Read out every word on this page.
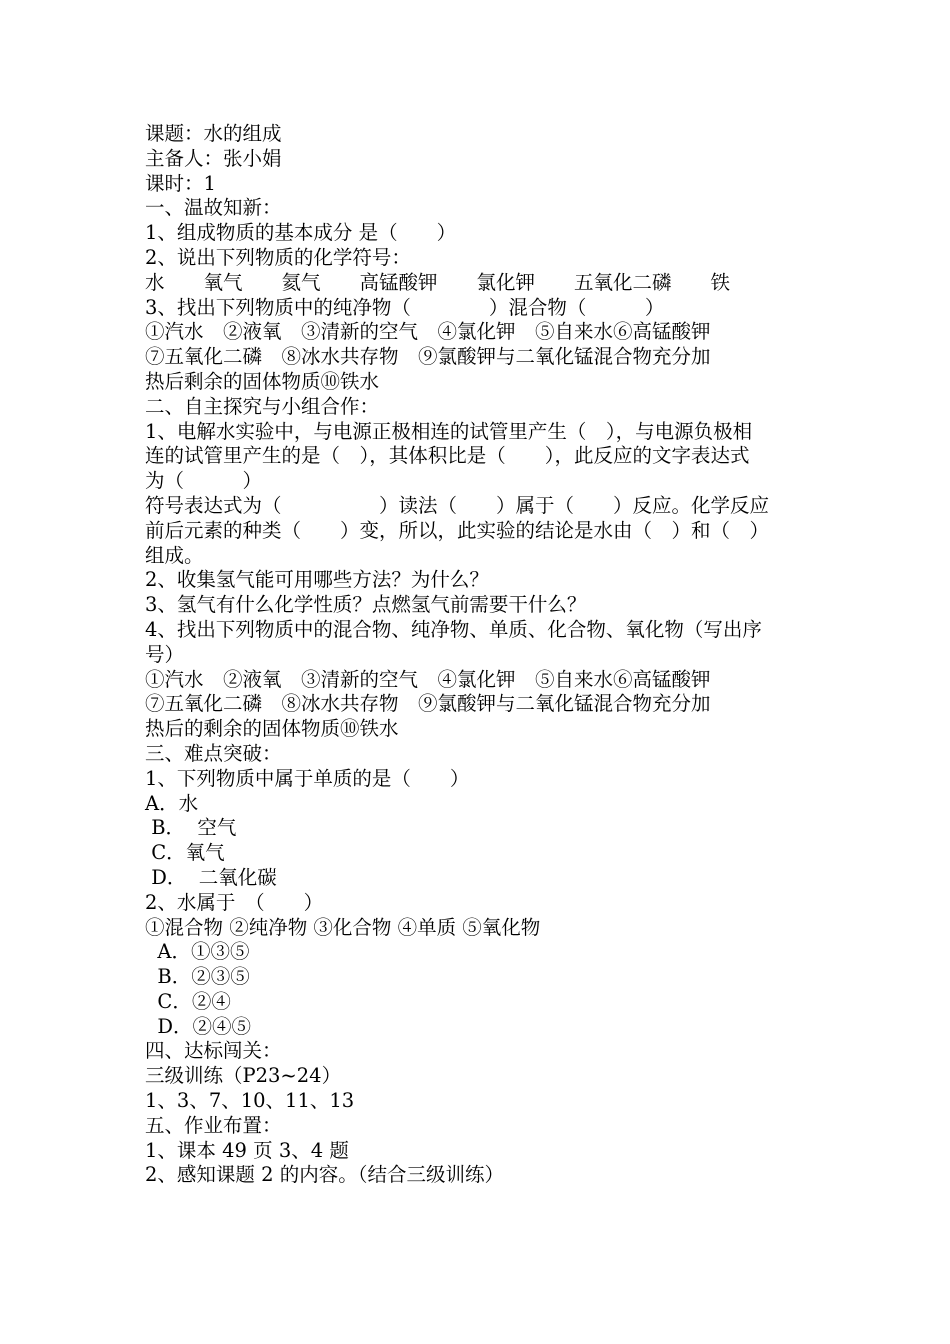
课题：水的组成
主备人：张小娟
课时：1
一、温故知新：
1、组成物质的基本成分 是（　　）
2、说出下列物质的化学符号：
水　　氧气　　氦气　　高锰酸钾　　氯化钾　　五氧化二磷　　铁
3、找出下列物质中的纯净物（　　　　）混合物（　　　）
①汽水　②液氧　③清新的空气　④氯化钾　⑤自来水⑥高锰酸钾
⑦五氧化二磷　⑧冰水共存物　⑨氯酸钾与二氧化锰混合物充分加
热后剩余的固体物质⑩铁水
二、自主探究与小组合作：
1、电解水实验中，与电源正极相连的试管里产生（　），与电源负极相
连的试管里产生的是（　），其体积比是（　　），此反应的文字表达式
为（　　　）
符号表达式为（　　　　　）读法（　　）属于（　　）反应。化学反应
前后元素的种类（　　）变，所以，此实验的结论是水由（　）和（　）
组成。
2、收集氢气能可用哪些方法？为什么？
3、氢气有什么化学性质？点燃氢气前需要干什么？
4、找出下列物质中的混合物、纯净物、单质、化合物、氧化物（写出序
号）
①汽水　②液氧　③清新的空气　④氯化钾　⑤自来水⑥高锰酸钾
⑦五氧化二磷　⑧冰水共存物　⑨氯酸钾与二氧化锰混合物充分加
热后的剩余的固体物质⑩铁水
三、难点突破：
1、下列物质中属于单质的是（　　）
A．水
B．  空气
C．氧气
D．  二氧化碳
2、水属于　（　　）
①混合物 ②纯净物 ③化合物 ④单质 ⑤氧化物
A．①③⑤
B．②③⑤
C．②④
D．②④⑤
四、达标闯关：
三级训练（P23~24）
1、3、7、10、11、13
五、作业布置：
1、课本 49 页 3、4 题
2、感知课题 2 的内容。（结合三级训练）
